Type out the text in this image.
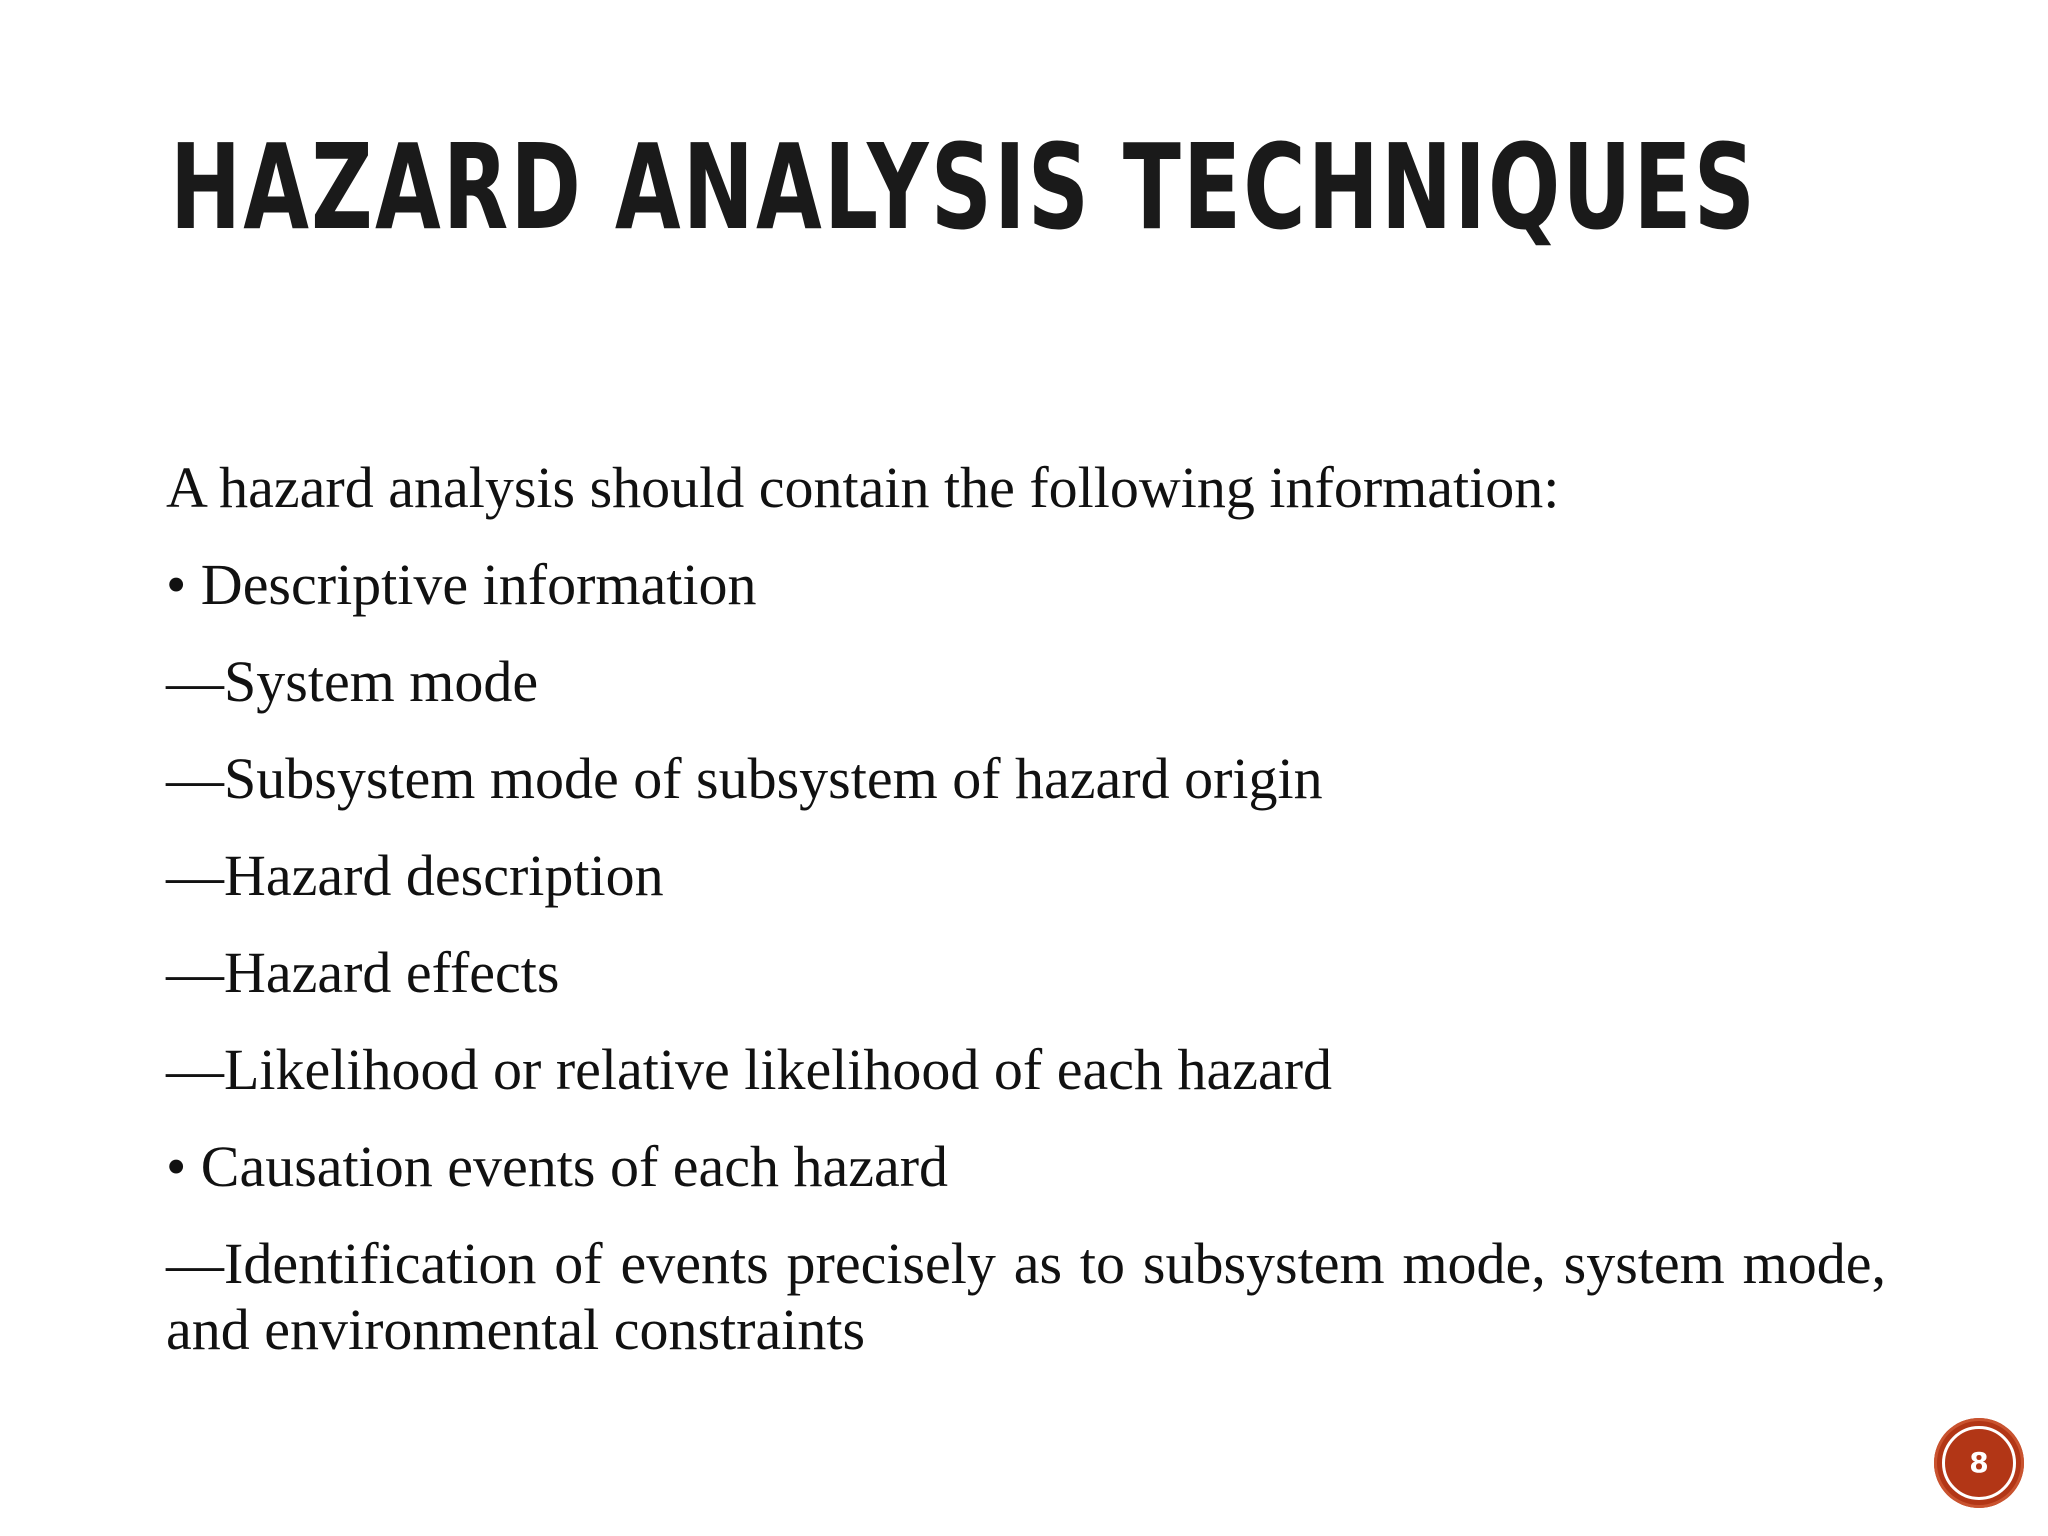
HAZARD ANALYSIS TECHNIQUES

A hazard analysis should contain the following information:

• Descriptive information

—System mode

—Subsystem mode of subsystem of hazard origin

—Hazard description

—Hazard effects

—Likelihood or relative likelihood of each hazard

• Causation events of each hazard

—Identification of events precisely as to subsystem mode, system mode, and environmental constraints

8
